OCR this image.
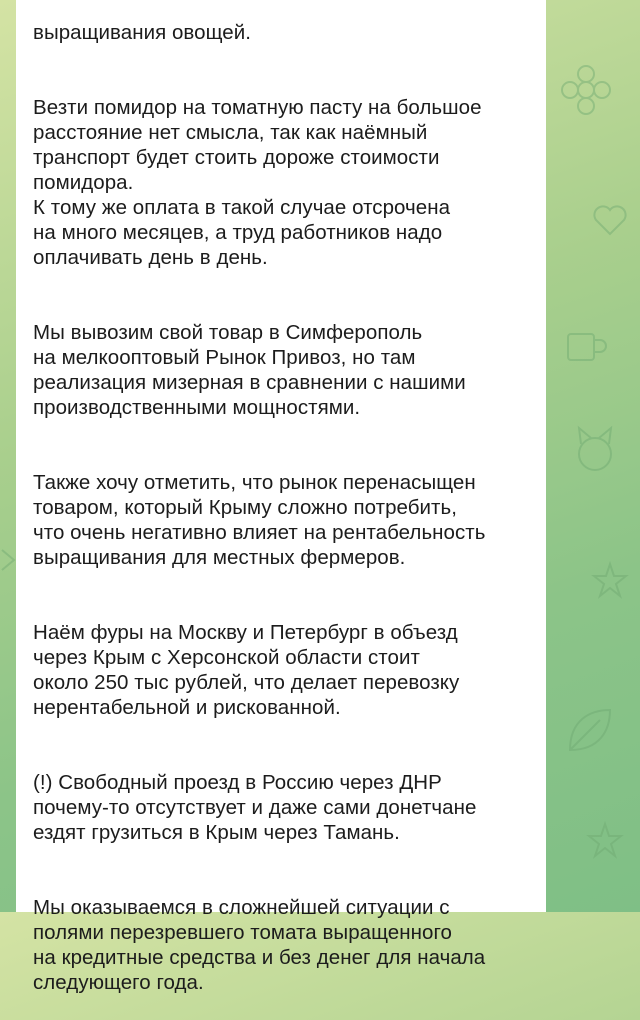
выращивания овощей.

Везти помидор на томатную пасту на большое
расстояние нет смысла, так как наёмный
транспорт будет стоить дороже стоимости
помидора.
К тому же оплата в такой случае отсрочена
на много месяцев, а труд работников надо
оплачивать день в день.

Мы вывозим свой товар в Симферополь
на мелкооптовый Рынок Привоз, но там
реализация мизерная в сравнении с нашими
производственными мощностями.

Также хочу отметить, что рынок перенасыщен
товаром, который Крыму сложно потребить,
что очень негативно влияет на рентабельность
выращивания для местных фермеров.

Наём фуры на Москву и Петербург в объезд
через Крым с Херсонской области стоит
около 250 тыс рублей, что делает перевозку
нерентабельной и рискованной.

(!) Свободный проезд в Россию через ДНР
почему-то отсутствует и даже сами донетчане
ездят грузиться в Крым через Тамань.

Мы оказываемся в сложнейшей ситуации с
полями перезревшего томата выращенного
на кредитные средства и без денег для начала
следующего года.
